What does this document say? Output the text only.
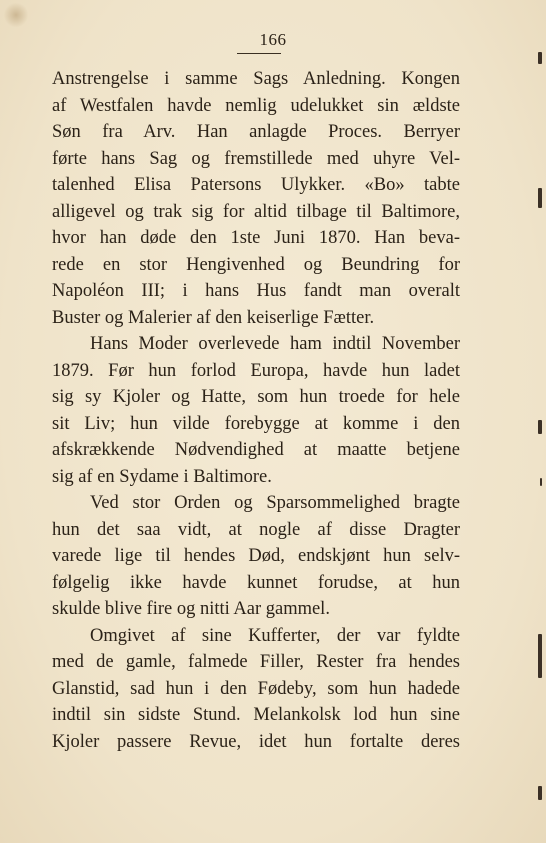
166
Anstrengelse i samme Sags Anledning. Kongen
af Westfalen havde nemlig udelukket sin ældste
Søn fra Arv. Han anlagde Proces. Berryer
førte hans Sag og fremstillede med uhyre Vel-
talenhed Elisa Patersons Ulykker. «Bo» tabte
alligevel og trak sig for altid tilbage til Baltimore,
hvor han døde den 1ste Juni 1870. Han beva-
rede en stor Hengivenhed og Beundring for
Napoléon III; i hans Hus fandt man overalt
Buster og Malerier af den keiserlige Fætter.
Hans Moder overlevede ham indtil November
1879. Før hun forlod Europa, havde hun ladet
sig sy Kjoler og Hatte, som hun troede for hele
sit Liv; hun vilde forebygge at komme i den
afskrækkende Nødvendighed at maatte betjene
sig af en Sydame i Baltimore.
Ved stor Orden og Sparsommelighed bragte
hun det saa vidt, at nogle af disse Dragter
varede lige til hendes Død, endskjønt hun selv-
følgelig ikke havde kunnet forudse, at hun
skulde blive fire og nitti Aar gammel.
Omgivet af sine Kufferter, der var fyldte
med de gamle, falmede Filler, Rester fra hendes
Glanstid, sad hun i den Fødeby, som hun hadede
indtil sin sidste Stund. Melankolsk lod hun sine
Kjoler passere Revue, idet hun fortalte deres
